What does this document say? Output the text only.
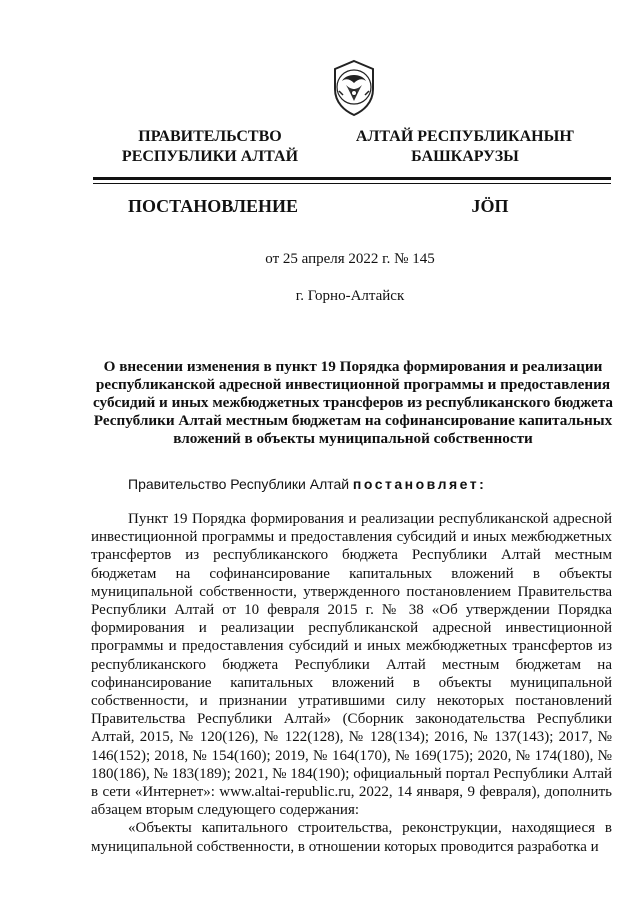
ПРАВИТЕЛЬСТВО
РЕСПУБЛИКИ АЛТАЙ
АЛТАЙ РЕСПУБЛИКАНЫҤ
БАШКАРУЗЫ
ПОСТАНОВЛЕНИЕ	JÖП
от 25 апреля 2022 г. № 145
г. Горно-Алтайск
О внесении изменения в пункт 19 Порядка формирования и реализации республиканской адресной инвестиционной программы и предоставления субсидий и иных межбюджетных трансферов из республиканского бюджета Республики Алтай местным бюджетам на софинансирование капитальных вложений в объекты муниципальной собственности
Правительство Республики Алтай постановляет:

Пункт 19 Порядка формирования и реализации республиканской адресной инвестиционной программы и предоставления субсидий и иных межбюджетных трансфертов из республиканского бюджета Республики Алтай местным бюджетам на софинансирование капитальных вложений в объекты муниципальной собственности, утвержденного постановлением Правительства Республики Алтай от 10 февраля 2015 г. № 38 «Об утверждении Порядка формирования и реализации республиканской адресной инвестиционной программы и предоставления субсидий и иных межбюджетных трансфертов из республиканского бюджета Республики Алтай местным бюджетам на софинансирование капитальных вложений в объекты муниципальной собственности, и признании утратившими силу некоторых постановлений Правительства Республики Алтай» (Сборник законодательства Республики Алтай, 2015, № 120(126), № 122(128), № 128(134); 2016, № 137(143); 2017, № 146(152); 2018, № 154(160); 2019, № 164(170), № 169(175); 2020, № 174(180), № 180(186), № 183(189); 2021, № 184(190); официальный портал Республики Алтай в сети «Интернет»: www.altai-republic.ru, 2022, 14 января, 9 февраля), дополнить абзацем вторым следующего содержания:

«Объекты капитального строительства, реконструкции, находящиеся в муниципальной собственности, в отношении которых проводится разработка и
